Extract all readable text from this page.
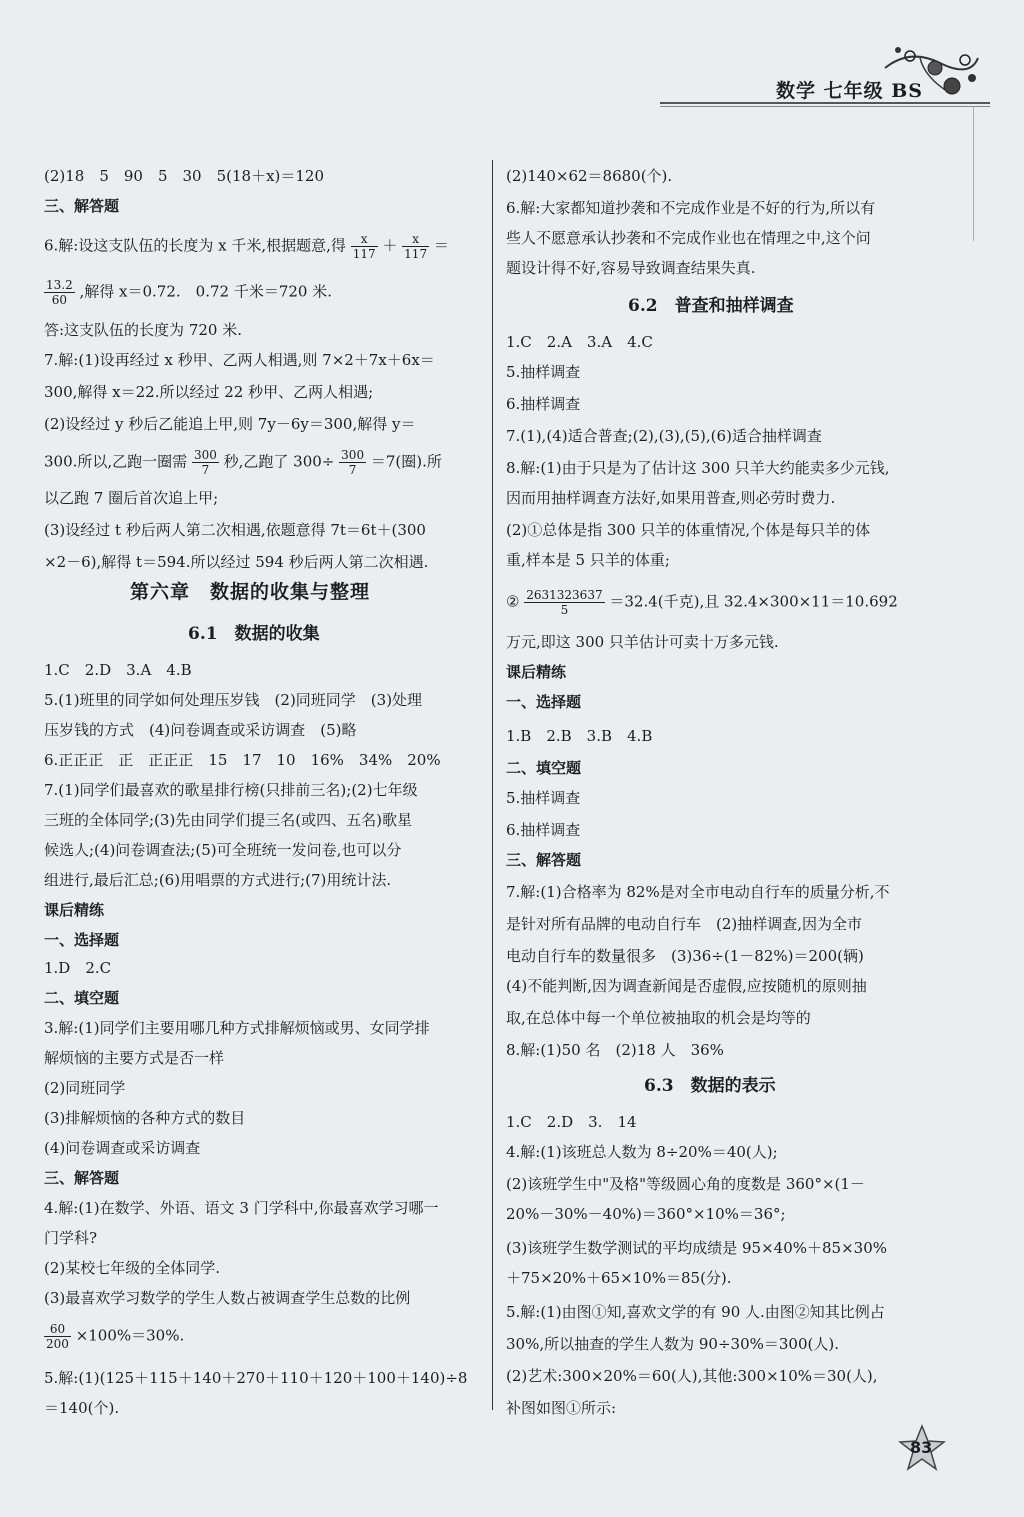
数学 七年级 BS
(2)18　5　90　5　30　5(18＋x)＝120
三、解答题
6.解:设这支队伍的长度为 x 千米,根据题意,得 $\frac{x}{117} + \frac{x}{117}$ ＝
$\frac{13.2}{60}$ ,解得 x＝0.72.　0.72 千米＝720 米.
答:这支队伍的长度为 720 米.
7.解:(1)设再经过 x 秒甲、乙两人相遇,则 7×2＋7x＋6x＝
300,解得 x＝22.所以经过 22 秒甲、乙两人相遇;
(2)设经过 y 秒后乙能追上甲,则 7y－6y＝300,解得 y＝
300.所以,乙跑一圈需 $\frac{300}{7}$ 秒,乙跑了 $300\div \frac{300}{7} =7$(圈).所
以乙跑 7 圈后首次追上甲;
(3)设经过 t 秒后两人第二次相遇,依题意得 7t＝6t＋(300
×2－6),解得 t＝594.所以经过 594 秒后两人第二次相遇.
第六章　数据的收集与整理
6.1　数据的收集
1.C　2.D　3.A　4.B
5.(1)班里的同学如何处理压岁钱　(2)同班同学　(3)处理
压岁钱的方式　(4)问卷调查或采访调查　(5)略
6.正正正　正　正正正　15　17　10　16%　34%　20%
7.(1)同学们最喜欢的歌星排行榜(只排前三名);(2)七年级
三班的全体同学;(3)先由同学们提三名(或四、五名)歌星
候选人;(4)问卷调查法;(5)可全班统一发问卷,也可以分
组进行,最后汇总;(6)用唱票的方式进行;(7)用统计法.
课后精练
一、选择题
1.D　2.C
二、填空题
3.解:(1)同学们主要用哪几种方式排解烦恼或男、女同学排
解烦恼的主要方式是否一样
(2)同班同学
(3)排解烦恼的各种方式的数目
(4)问卷调查或采访调查
三、解答题
4.解:(1)在数学、外语、语文 3 门学科中,你最喜欢学习哪一
门学科?
(2)某校七年级的全体同学.
(3)最喜欢学习数学的学生人数占被调查学生总数的比例
$\frac{60}{200} \times 100\%=30\%$.
5.解:(1)(125＋115＋140＋270＋110＋120＋100＋140)÷8
＝140(个).
(2)140×62＝8680(个).
6.解:大家都知道抄袭和不完成作业是不好的行为,所以有
些人不愿意承认抄袭和不完成作业也在情理之中,这个问
题设计得不好,容易导致调查结果失真.
6.2　普查和抽样调查
1.C　2.A　3.A　4.C
5.抽样调查
6.抽样调查
7.(1),(4)适合普查;(2),(3),(5),(6)适合抽样调查
8.解:(1)由于只是为了估计这 300 只羊大约能卖多少元钱,
因而用抽样调查方法好,如果用普查,则必劳时费力.
(2)①总体是指 300 只羊的体重情况,个体是每只羊的体
重,样本是 5 只羊的体重;
② $\frac{2631323637}{5} =32.4$(千克),且 32.4×300×11＝10.692
万元,即这 300 只羊估计可卖十万多元钱.
课后精练
一、选择题
1.B　2.B　3.B　4.B
二、填空题
5.抽样调查
6.抽样调查
三、解答题
7.解:(1)合格率为 82%是对全市电动自行车的质量分析,不
是针对所有品牌的电动自行车　(2)抽样调查,因为全市
电动自行车的数量很多　(3)36÷(1－82%)＝200(辆)
(4)不能判断,因为调查新闻是否虚假,应按随机的原则抽
取,在总体中每一个单位被抽取的机会是均等的
8.解:(1)50 名　(2)18 人　36%
6.3　数据的表示
1.C　2.D　3.　14
4.解:(1)该班总人数为 8÷20%＝40(人);
(2)该班学生中"及格"等级圆心角的度数是 360°×(1－
20%－30%－40%)＝360°×10%＝36°;
(3)该班学生数学测试的平均成绩是 95×40%＋85×30%
＋75×20%＋65×10%＝85(分).
5.解:(1)由图①知,喜欢文学的有 90 人.由图②知其比例占
30%,所以抽查的学生人数为 90÷30%＝300(人).
(2)艺术:300×20%＝60(人),其他:300×10%＝30(人),
补图如图①所示:
83
